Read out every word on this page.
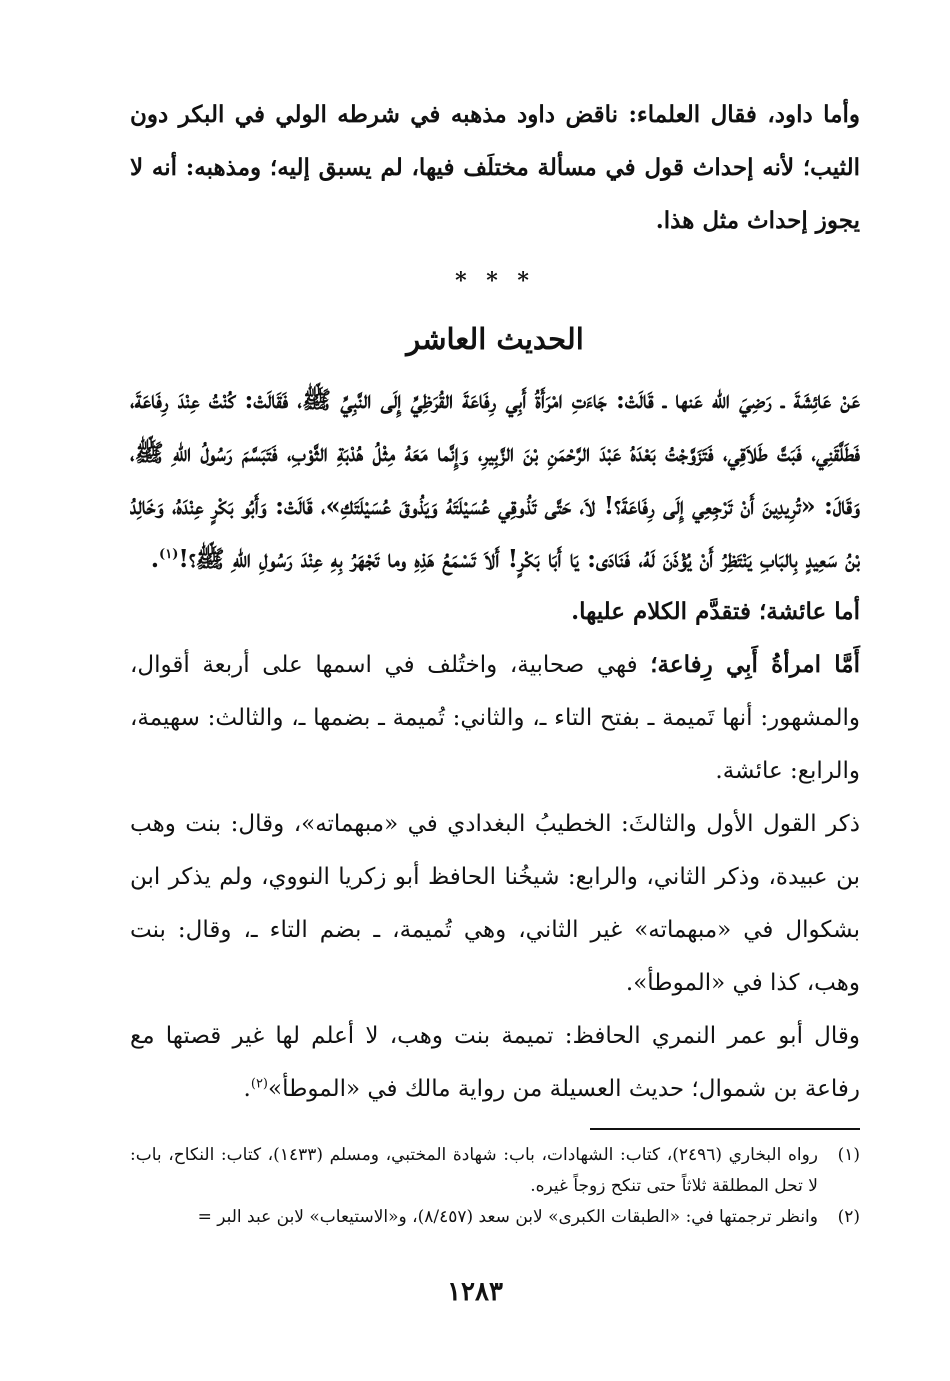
وأما داود، فقال العلماء: ناقض داود مذهبه في شرطه الولي في البكر دون الثيب؛ لأنه إحداث قول في مسألة مختلَف فيها، لم يسبق إليه؛ ومذهبه: أنه لا يجوز إحداث مثل هذا.

* * *
الحديث العاشر

عَنْ عَائِشَةَ ـ رَضِيَ الله عَنها ـ قَالَتْ: جَاءَتِ امْرَأَةُ أَبِي رِفَاعَةَ القُرَظِيِّ إِلَى النَّبِيِّ ﷺ، فَقَالَتْ: كُنْتُ عِنْدَ رِفَاعَةَ، فَطَلَّقَنِي، فَبَتَّ طَلاَقِي، فَتَزَوَّجْتُ بَعْدَهُ عَبْدَ الرَّحْمَنِ بْنَ الزَّبِيرِ، وَإِنَّما مَعَهُ مِثْلُ هُدْبَةِ الثَّوْبِ، فَتَبَسَّمَ رَسُولُ اللهِ ﷺ، وَقَالَ: «تُرِيدِينَ أَنْ تَرْجِعِي إِلَى رِفَاعَةَ؟! لاَ، حَتَّى تَذُوقِي عُسَيْلَتَهُ وَيَذُوقَ عُسَيْلَتَكِ»، قَالَتْ: وَأَبُو بَكْرٍ عِنْدَهُ، وَخَالِدُ بْنُ سَعِيدٍ بِالبَابِ يَنْتَظِرُ أَنْ يُؤْذَنَ لَهُ، فَنَادَى: يَا أَبَا بَكْرٍ! أَلاَ تَسْمَعُ هَذِهِ وما تَجْهَرُ بِهِ عِنْدَ رَسُولِ اللهِ ﷺ؟!$^{(١)}$.

أما عائشة؛ فتقدَّم الكلام عليها.

أَمَّا امرأةُ أَبِي رِفاعة؛ فهي صحابية، واختُلف في اسمها على أربعة أقوال، والمشهور: أنها تَميمة ـ بفتح التاء ـ، والثاني: تُميمة ـ بضمها ـ، والثالث: سهيمة، والرابع: عائشة.

ذكر القول الأول والثالثَ: الخطيبُ البغدادي في «مبهماته»، وقال: بنت وهب بن عبيدة، وذكر الثاني، والرابع: شيخُنا الحافظ أبو زكريا النووي، ولم يذكر ابن بشكوال في «مبهماته» غير الثاني، وهي تُميمة، ـ بضم التاء ـ، وقال: بنت وهب، كذا في «الموطأ».

وقال أبو عمر النمري الحافظ: تميمة بنت وهب، لا أعلم لها غير قصتها مع رفاعة بن شموال؛ حديث العسيلة من رواية مالك في «الموطأ»$^{(٢)}$.

(١)
رواه البخاري (٢٤٩٦)، كتاب: الشهادات، باب: شهادة المختبي، ومسلم (١٤٣٣)، كتاب: النكاح، باب: لا تحل المطلقة ثلاثاً حتى تنكح زوجاً غيره.

(٢)
وانظر ترجمتها في: «الطبقات الكبرى» لابن سعد (٨/٤٥٧)، و«الاستيعاب» لابن عبد البر =

١٢٨٣
